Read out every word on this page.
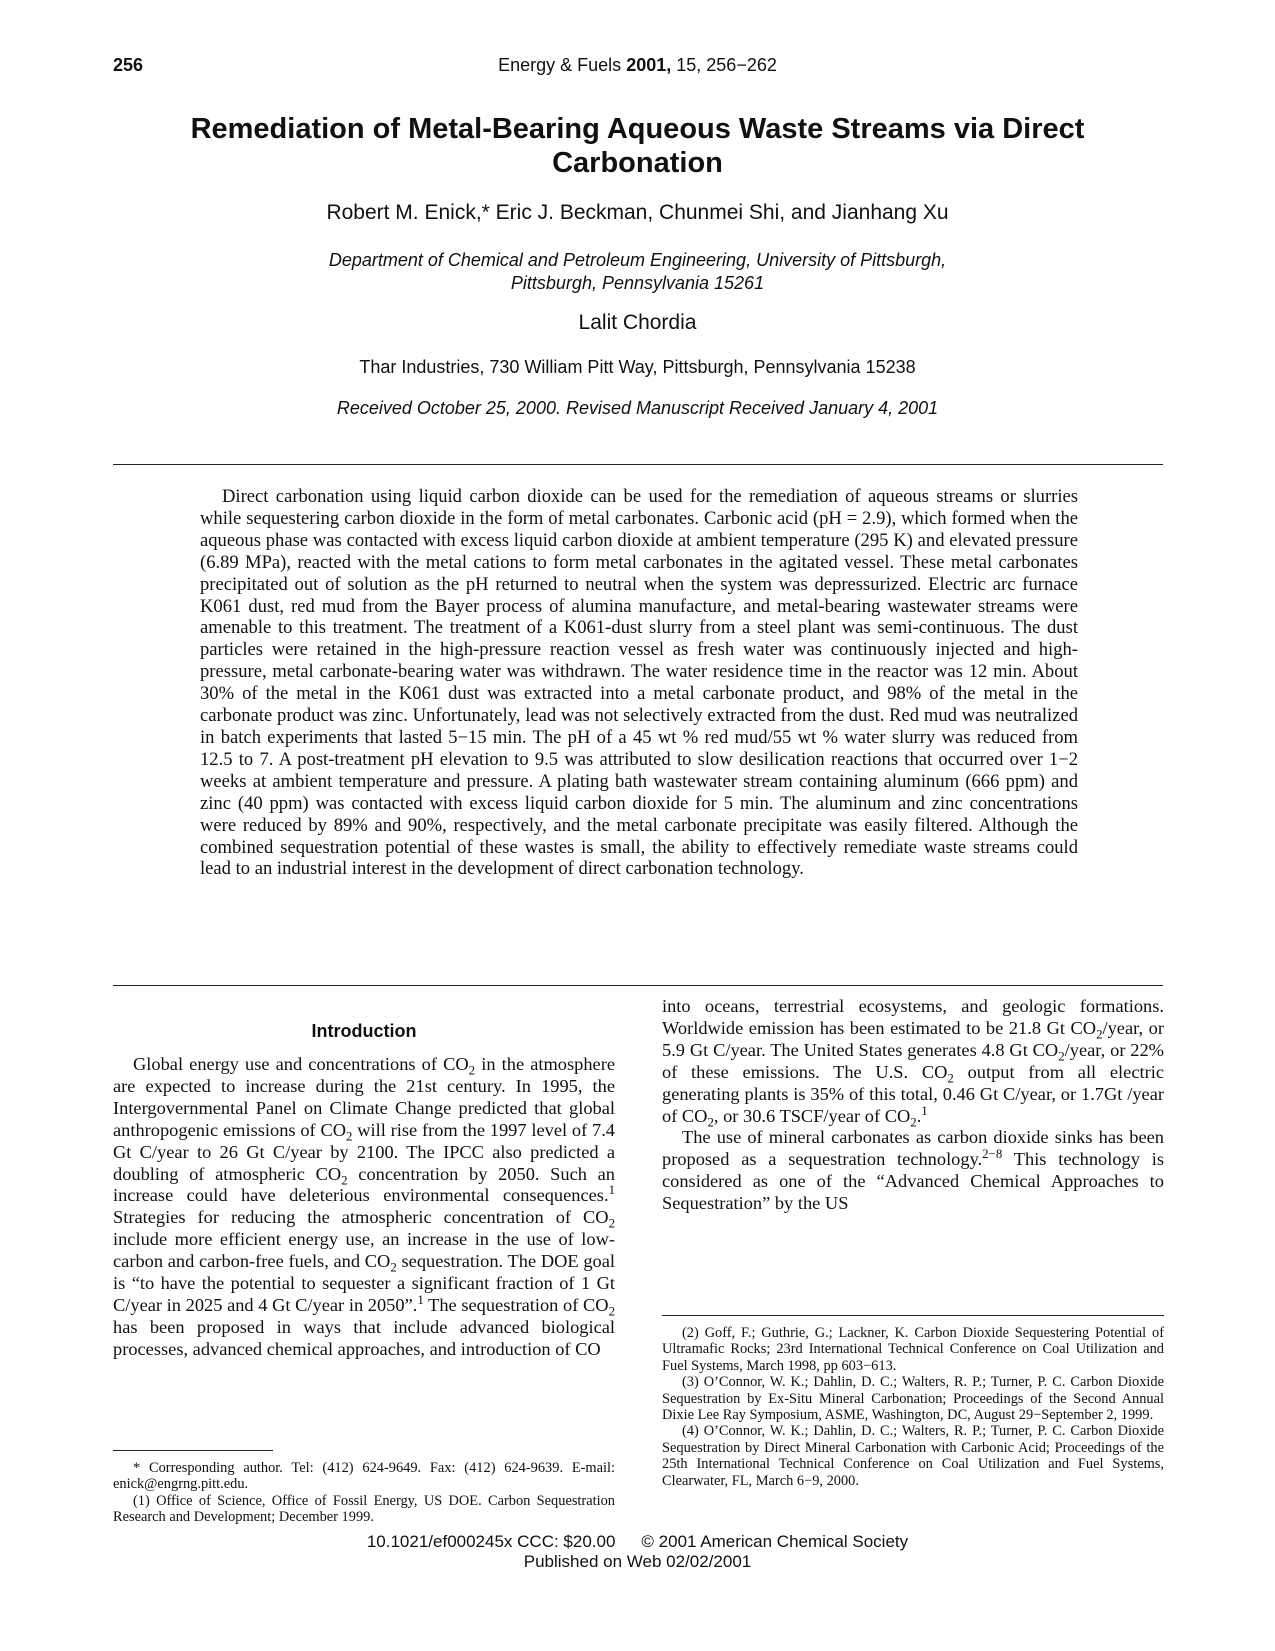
256	Energy & Fuels 2001, 15, 256−262
Remediation of Metal-Bearing Aqueous Waste Streams via Direct Carbonation
Robert M. Enick,* Eric J. Beckman, Chunmei Shi, and Jianhang Xu
Department of Chemical and Petroleum Engineering, University of Pittsburgh,
Pittsburgh, Pennsylvania 15261
Lalit Chordia
Thar Industries, 730 William Pitt Way, Pittsburgh, Pennsylvania 15238
Received October 25, 2000. Revised Manuscript Received January 4, 2001

Direct carbonation using liquid carbon dioxide can be used for the remediation of aqueous streams or slurries while sequestering carbon dioxide in the form of metal carbonates. Carbonic acid (pH = 2.9), which formed when the aqueous phase was contacted with excess liquid carbon dioxide at ambient temperature (295 K) and elevated pressure (6.89 MPa), reacted with the metal cations to form metal carbonates in the agitated vessel. These metal carbonates precipitated out of solution as the pH returned to neutral when the system was depressurized. Electric arc furnace K061 dust, red mud from the Bayer process of alumina manufacture, and metal-bearing wastewater streams were amenable to this treatment. The treatment of a K061-dust slurry from a steel plant was semi-continuous. The dust particles were retained in the high-pressure reaction vessel as fresh water was continuously injected and high-pressure, metal carbonate-bearing water was withdrawn. The water residence time in the reactor was 12 min. About 30% of the metal in the K061 dust was extracted into a metal carbonate product, and 98% of the metal in the carbonate product was zinc. Unfortunately, lead was not selectively extracted from the dust. Red mud was neutralized in batch experiments that lasted 5−15 min. The pH of a 45 wt % red mud/55 wt % water slurry was reduced from 12.5 to 7. A post-treatment pH elevation to 9.5 was attributed to slow desilication reactions that occurred over 1−2 weeks at ambient temperature and pressure. A plating bath wastewater stream containing aluminum (666 ppm) and zinc (40 ppm) was contacted with excess liquid carbon dioxide for 5 min. The aluminum and zinc concentrations were reduced by 89% and 90%, respectively, and the metal carbonate precipitate was easily filtered. Although the combined sequestration potential of these wastes is small, the ability to effectively remediate waste streams could lead to an industrial interest in the development of direct carbonation technology.

Introduction

Global energy use and concentrations of $CO_2$ in the atmosphere are expected to increase during the 21st century. In 1995, the Intergovernmental Panel on Climate Change predicted that global anthropogenic emissions of $CO_2$ will rise from the 1997 level of 7.4 Gt C/year to 26 Gt C/year by 2100. The IPCC also predicted a doubling of atmospheric $CO_2$ concentration by 2050. Such an increase could have deleterious environmental consequences.$^1$ Strategies for reducing the atmospheric concentration of $CO_2$ include more efficient energy use, an increase in the use of low-carbon and carbon-free fuels, and $CO_2$ sequestration. The DOE goal is “to have the potential to sequester a significant fraction of 1 Gt C/year in 2025 and 4 Gt C/year in 2050”.$^1$ The sequestration of $CO_2$ has been proposed in ways that include advanced biological processes, advanced chemical approaches, and introduction of CO

into oceans, terrestrial ecosystems, and geologic formations. Worldwide emission has been estimated to be 21.8 Gt $CO_2$/year, or 5.9 Gt C/year. The United States generates 4.8 Gt $CO_2$/year, or 22% of these emissions. The U.S. $CO_2$ output from all electric generating plants is 35% of this total, 0.46 Gt C/year, or 1.7Gt /year of $CO_2$, or 30.6 TSCF/year of $CO_2.^1$

The use of mineral carbonates as carbon dioxide sinks has been proposed as a sequestration technology.$^{2-8}$ This technology is considered as one of the “Advanced Chemical Approaches to Sequestration” by the US

* Corresponding author. Tel: (412) 624-9649. Fax: (412) 624-9639. E-mail: enick@engrng.pitt.edu.

(1) Office of Science, Office of Fossil Energy, US DOE. Carbon Sequestration Research and Development; December 1999.

(2) Goff, F.; Guthrie, G.; Lackner, K. Carbon Dioxide Sequestering Potential of Ultramafic Rocks; 23rd International Technical Conference on Coal Utilization and Fuel Systems, March 1998, pp 603−613.

(3) O’Connor, W. K.; Dahlin, D. C.; Walters, R. P.; Turner, P. C. Carbon Dioxide Sequestration by Ex-Situ Mineral Carbonation; Proceedings of the Second Annual Dixie Lee Ray Symposium, ASME, Washington, DC, August 29−September 2, 1999.

(4) O’Connor, W. K.; Dahlin, D. C.; Walters, R. P.; Turner, P. C. Carbon Dioxide Sequestration by Direct Mineral Carbonation with Carbonic Acid; Proceedings of the 25th International Technical Conference on Coal Utilization and Fuel Systems, Clearwater, FL, March 6−9, 2000.

10.1021/ef000245x CCC: $20.00 © 2001 American Chemical Society
Published on Web 02/02/2001
